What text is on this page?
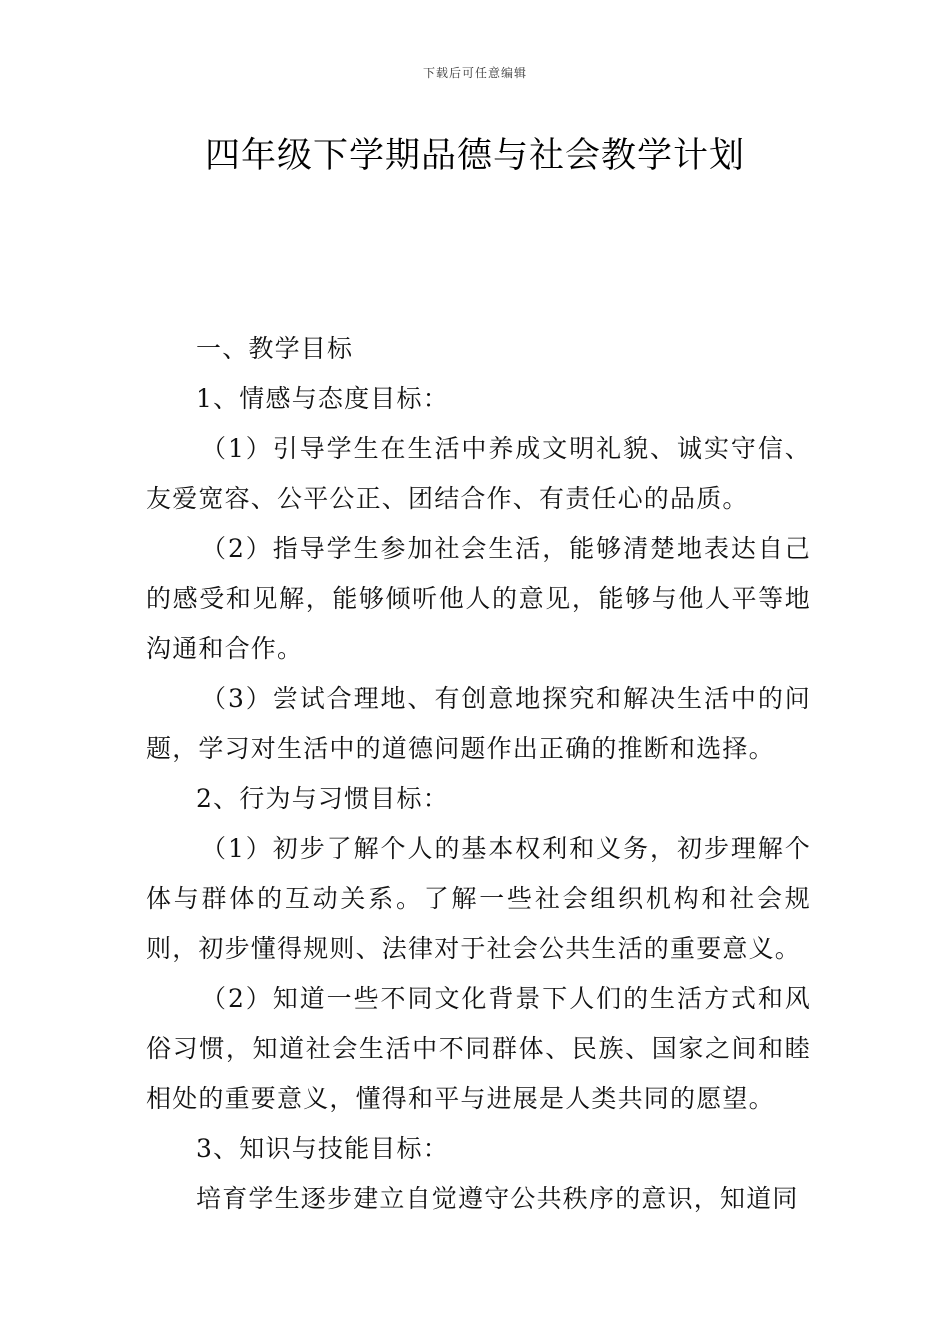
下载后可任意编辑
四年级下学期品德与社会教学计划

一、教学目标

1、情感与态度目标：

（1）引导学生在生活中养成文明礼貌、诚实守信、友爱宽容、公平公正、团结合作、有责任心的品质。

（2）指导学生参加社会生活，能够清楚地表达自己的感受和见解，能够倾听他人的意见，能够与他人平等地沟通和合作。

（3）尝试合理地、有创意地探究和解决生活中的问题，学习对生活中的道德问题作出正确的推断和选择。

2、行为与习惯目标：

（1）初步了解个人的基本权利和义务，初步理解个体与群体的互动关系。了解一些社会组织机构和社会规则，初步懂得规则、法律对于社会公共生活的重要意义。

（2）知道一些不同文化背景下人们的生活方式和风俗习惯，知道社会生活中不同群体、民族、国家之间和睦相处的重要意义，懂得和平与进展是人类共同的愿望。

3、知识与技能目标：

培育学生逐步建立自觉遵守公共秩序的意识，知道同
